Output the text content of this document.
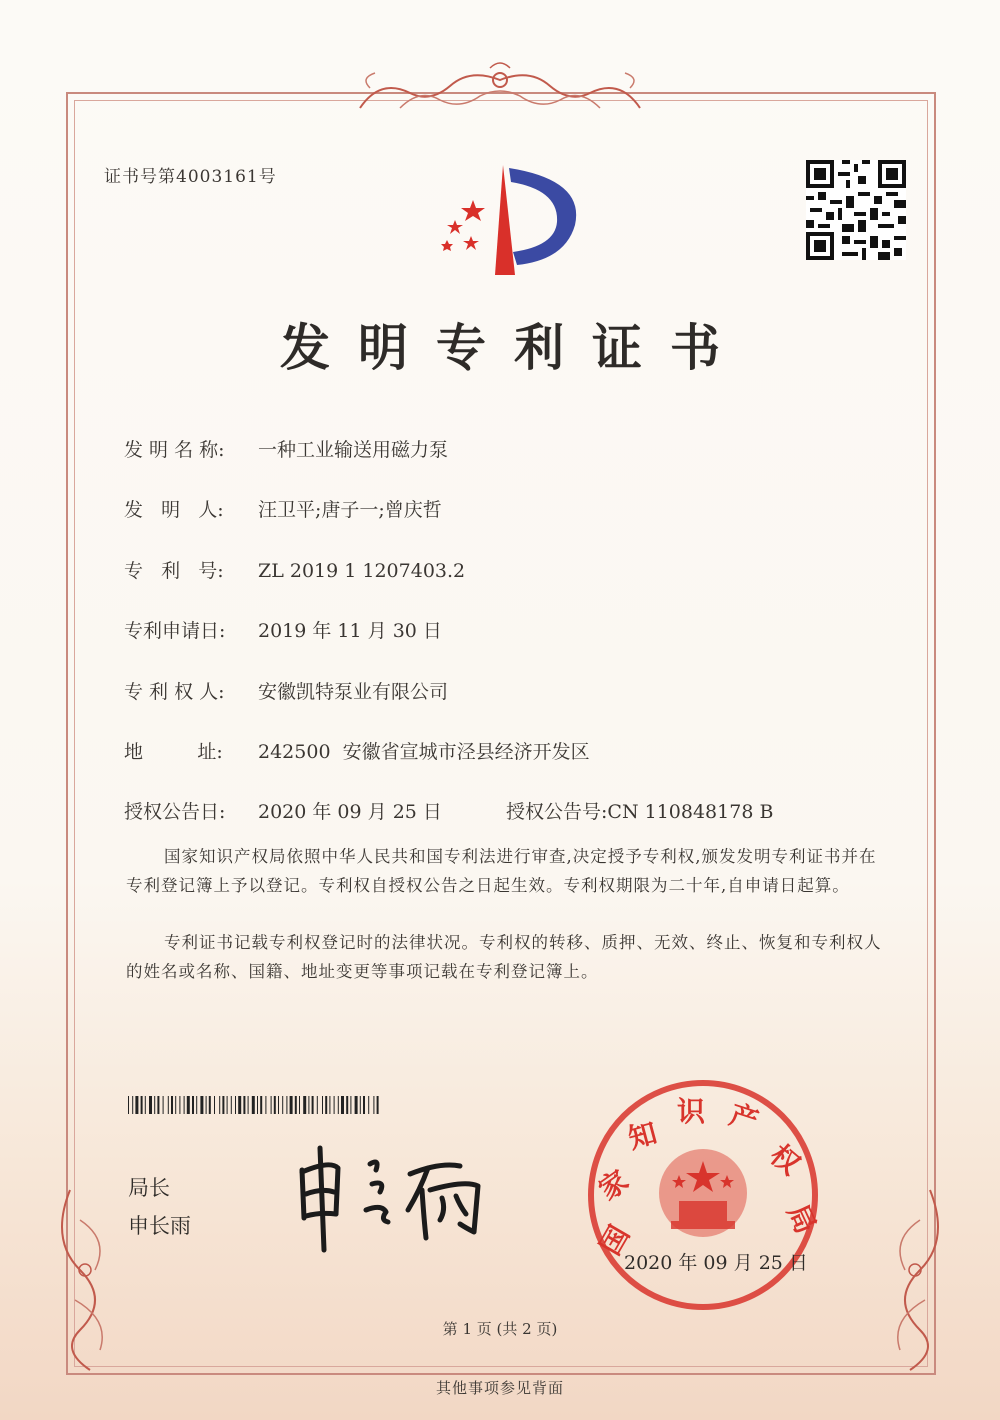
证书号第4003161号
发明专利证书
发 明 名 称: 一种工业输送用磁力泵
发   明   人: 汪卫平;唐子一;曾庆哲
专   利   号: ZL 2019 1 1207403.2
专利申请日: 2019 年 11 月 30 日
专 利 权 人: 安徽凯特泵业有限公司
地         址: 242500  安徽省宣城市泾县经济开发区
授权公告日: 2020 年 09 月 25 日	授权公告号:CN 110848178 B
国家知识产权局依照中华人民共和国专利法进行审查,决定授予专利权,颁发发明专利证书并在专利登记簿上予以登记。专利权自授权公告之日起生效。专利权期限为二十年,自申请日起算。
专利证书记载专利权登记时的法律状况。专利权的转移、质押、无效、终止、恢复和专利权人的姓名或名称、国籍、地址变更等事项记载在专利登记簿上。
局长
申长雨	国
家
知
识 产
权
局
2020 年 09 月 25 日
第 1 页 (共 2 页)
其他事项参见背面
